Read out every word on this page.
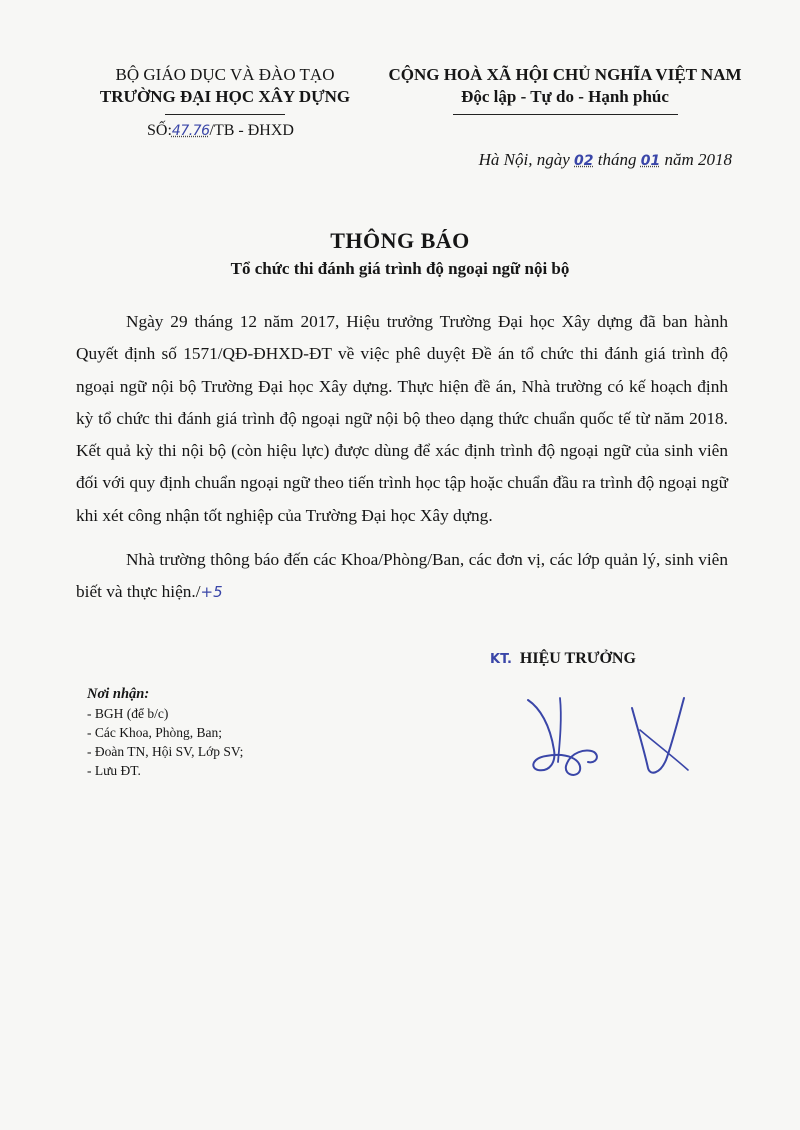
BỘ GIÁO DỤC VÀ ĐÀO TẠO
TRƯỜNG ĐẠI HỌC XÂY DỰNG
SỐ:47.76/TB - ĐHXD
CỘNG HOÀ XÃ HỘI CHỦ NGHĨA VIỆT NAM
Độc lập - Tự do - Hạnh phúc
Hà Nội, ngày 02 tháng 01 năm 2018
THÔNG BÁO
Tổ chức thi đánh giá trình độ ngoại ngữ nội bộ

Ngày 29 tháng 12 năm 2017, Hiệu trưởng Trường Đại học Xây dựng đã ban hành Quyết định số 1571/QĐ-ĐHXD-ĐT về việc phê duyệt Đề án tổ chức thi đánh giá trình độ ngoại ngữ nội bộ Trường Đại học Xây dựng. Thực hiện đề án, Nhà trường có kế hoạch định kỳ tổ chức thi đánh giá trình độ ngoại ngữ nội bộ theo dạng thức chuẩn quốc tế từ năm 2018. Kết quả kỳ thi nội bộ (còn hiệu lực) được dùng để xác định trình độ ngoại ngữ của sinh viên đối với quy định chuẩn ngoại ngữ theo tiến trình học tập hoặc chuẩn đầu ra trình độ ngoại ngữ khi xét công nhận tốt nghiệp của Trường Đại học Xây dựng.

Nhà trường thông báo đến các Khoa/Phòng/Ban, các đơn vị, các lớp quản lý, sinh viên biết và thực hiện./+5

KT. HIỆU TRƯỞNG
Nơi nhận:
- BGH (để b/c)
- Các Khoa, Phòng, Ban;
- Đoàn TN, Hội SV, Lớp SV;
- Lưu ĐT.
